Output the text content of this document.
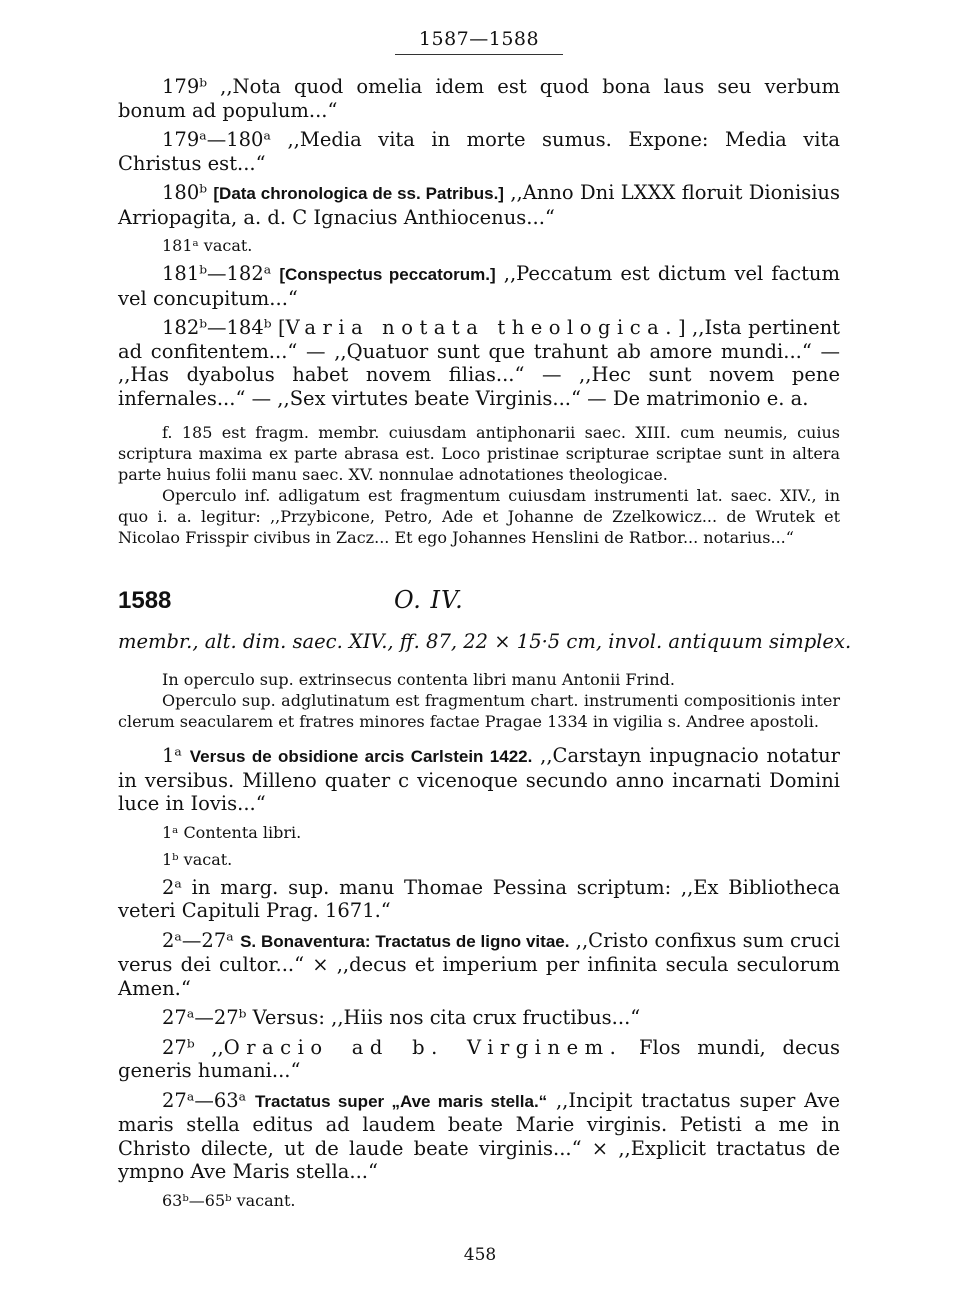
1587—1588

179ᵇ ,,Nota quod omelia idem est quod bona laus seu verbum bonum ad populum...“

179ᵃ—180ᵃ ,,Media vita in morte sumus. Expone: Media vita Christus est...“

180ᵇ [Data chronologica de ss. Patribus.] ,,Anno Dni LXXX floruit Dionisius Arriopagita, a. d. C Ignacius Anthiocenus...“

181ᵃ vacat.

181ᵇ—182ᵃ [Conspectus peccatorum.] ,,Peccatum est dictum vel factum vel concupitum...“

182ᵇ—184ᵇ [Varia notata theologica.] ,,Ista pertinent ad confitentem...“ — ,,Quatuor sunt que trahunt ab amore mundi...“ — ,,Has dyabolus habet novem filias...“ — ,,Hec sunt novem pene infernales...“ — ,,Sex virtutes beate Virginis...“ — De matrimonio e. a.

f. 185 est fragm. membr. cuiusdam antiphonarii saec. XIII. cum neumis, cuius scriptura maxima ex parte abrasa est. Loco pristinae scripturae scriptae sunt in altera parte huius folii manu saec. XV. nonnulae adnotationes theologicae.

Operculo inf. adligatum est fragmentum cuiusdam instrumenti lat. saec. XIV., in quo i. a. legitur: ,,Przybicone, Petro, Ade et Johanne de Zzelkowicz... de Wrutek et Nicolao Frisspir civibus in Zacz... Et ego Johannes Henslini de Ratbor... notarius...“

1588	O. IV.
membr., alt. dim. saec. XIV., ff. 87, 22 × 15·5 cm, invol. antiquum simplex.

In operculo sup. extrinsecus contenta libri manu Antonii Frind.

Operculo sup. adglutinatum est fragmentum chart. instrumenti compositionis inter clerum seacularem et fratres minores factae Pragae 1334 in vigilia s. Andree apostoli.

1ᵃ Versus de obsidione arcis Carlstein 1422. ,,Carstayn inpugnacio notatur in versibus. Milleno quater c vicenoque secundo anno incarnati Domini luce in Iovis...“

1ᵃ Contenta libri.

1ᵇ vacat.

2ᵃ in marg. sup. manu Thomae Pessina scriptum: ,,Ex Bibliotheca veteri Capituli Prag. 1671.“

2ᵃ—27ᵃ S. Bonaventura: Tractatus de ligno vitae. ,,Cristo confixus sum cruci verus dei cultor...“ × ,,decus et imperium per infinita secula seculorum Amen.“

27ᵃ—27ᵇ Versus: ,,Hiis nos cita crux fructibus...“

27ᵇ ,,Oracio ad b. Virginem. Flos mundi, decus generis humani...“

27ᵃ—63ᵃ Tractatus super „Ave maris stella.“ ,,Incipit tractatus super Ave maris stella editus ad laudem beate Marie virginis. Petisti a me in Christo dilecte, ut de laude beate virginis...“ × ,,Explicit tractatus de ympno Ave Maris stella...“

63ᵇ—65ᵇ vacant.

458
